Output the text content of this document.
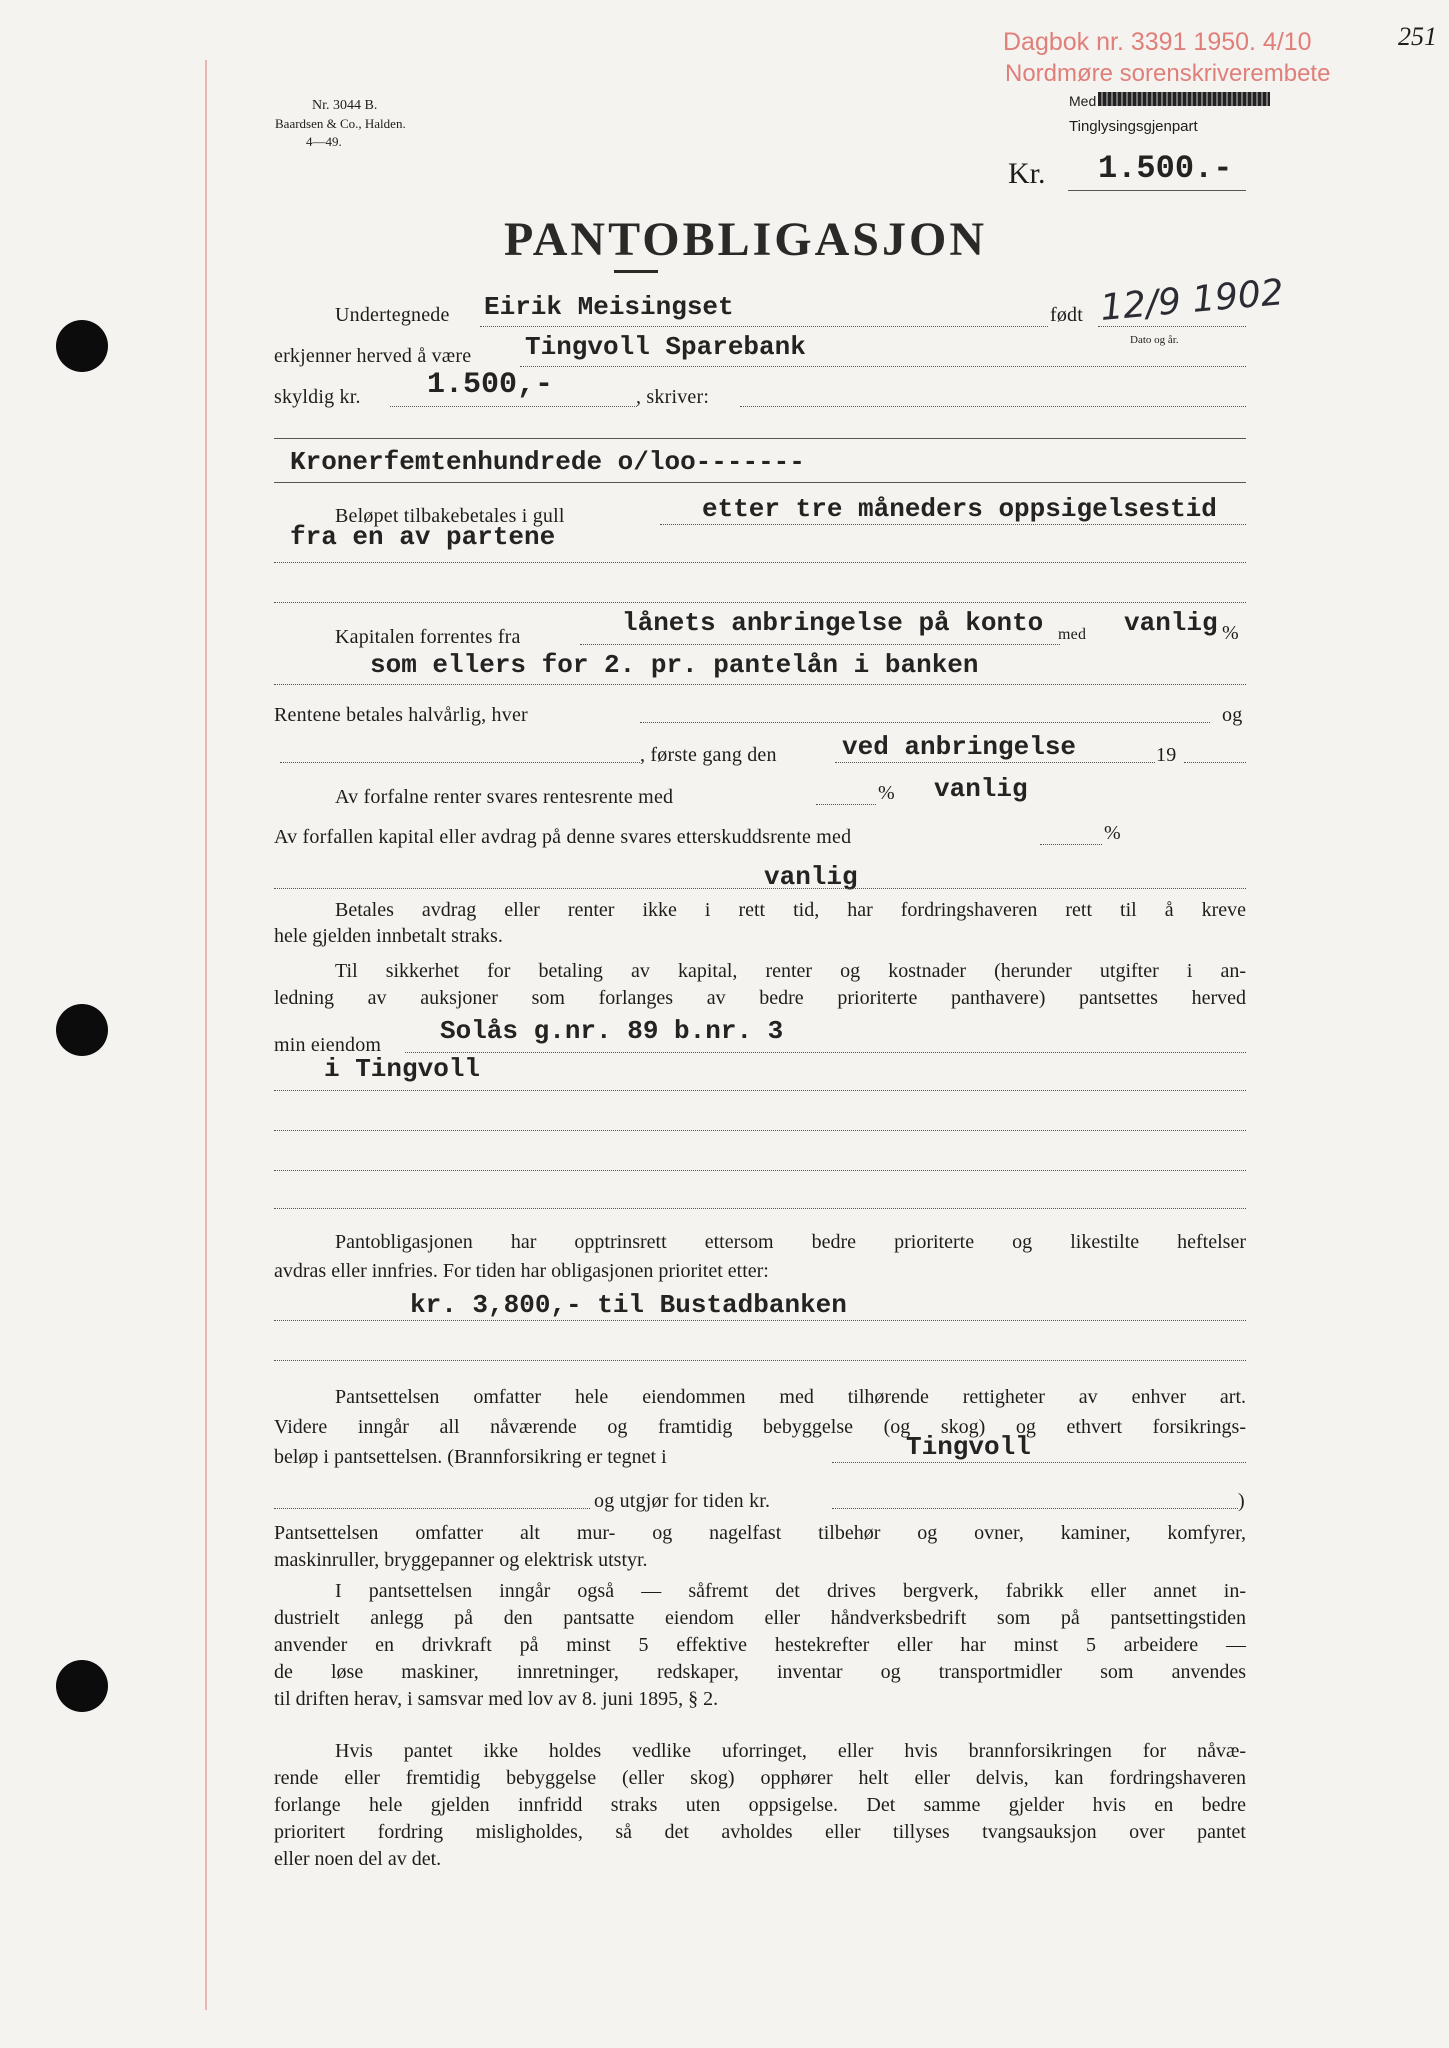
Nr. 3044 B.
Baardsen & Co., Halden.
4—49.
Dagbok nr. 3391 1950. 4/10
Nordmøre sorenskriverembete
251
Med
Tinglysingsgjenpart
Kr. 1.500.-
PANTOBLIGASJON
Undertegnede Eirik Meisingset	født 12/9 1902
Dato og år.
erkjenner herved å være Tingvoll Sparebank
skyldig kr. 1.500,-	, skriver:
Kronerfemtenhundrede o/loo-------
Beløpet tilbakebetales i gull	etter tre måneders oppsigelsestid
fra en av partene
Kapitalen forrentes fra	lånets anbringelse på konto med vanlig %
som ellers for 2. pr. pantelån i banken
Rentene betales halvårlig, hver	og
, første gang den	ved anbringelse	19
Av forfalne renter svares rentesrente med	% vanlig
Av forfallen kapital eller avdrag på denne svares etterskuddsrente med	%
vanlig
Betales avdrag eller renter ikke i rett tid, har fordringshaveren rett til å kreve
hele gjelden innbetalt straks.
Til sikkerhet for betaling av kapital, renter og kostnader (herunder utgifter i an-
ledning av auksjoner som forlanges av bedre prioriterte panthavere) pantsettes herved
min eiendom Solås g.nr. 89 b.nr. 3
i Tingvoll
Pantobligasjonen har opptrinsrett ettersom bedre prioriterte og likestilte heftelser
avdras eller innfries. For tiden har obligasjonen prioritet etter:
kr. 3,800,- til Bustadbanken
Pantsettelsen omfatter hele eiendommen med tilhørende rettigheter av enhver art.
Videre inngår all nåværende og framtidig bebyggelse (og skog) og ethvert forsikrings-
beløp i pantsettelsen. (Brannforsikring er tegnet i	Tingvoll
og utgjør for tiden kr.	)
Pantsettelsen omfatter alt mur- og nagelfast tilbehør og ovner, kaminer, komfyrer,
maskinruller, bryggepanner og elektrisk utstyr.
I pantsettelsen inngår også — såfremt det drives bergverk, fabrikk eller annet in-
dustrielt anlegg på den pantsatte eiendom eller håndverksbedrift som på pantsettingstiden
anvender en drivkraft på minst 5 effektive hestekrefter eller har minst 5 arbeidere —
de løse maskiner, innretninger, redskaper, inventar og transportmidler som anvendes
til driften herav, i samsvar med lov av 8. juni 1895, § 2.
Hvis pantet ikke holdes vedlike uforringet, eller hvis brannforsikringen for nåvæ-
rende eller fremtidig bebyggelse (eller skog) opphører helt eller delvis, kan fordringshaveren
forlange hele gjelden innfridd straks uten oppsigelse. Det samme gjelder hvis en bedre
prioritert fordring misligholdes, så det avholdes eller tillyses tvangsauksjon over pantet
eller noen del av det.
